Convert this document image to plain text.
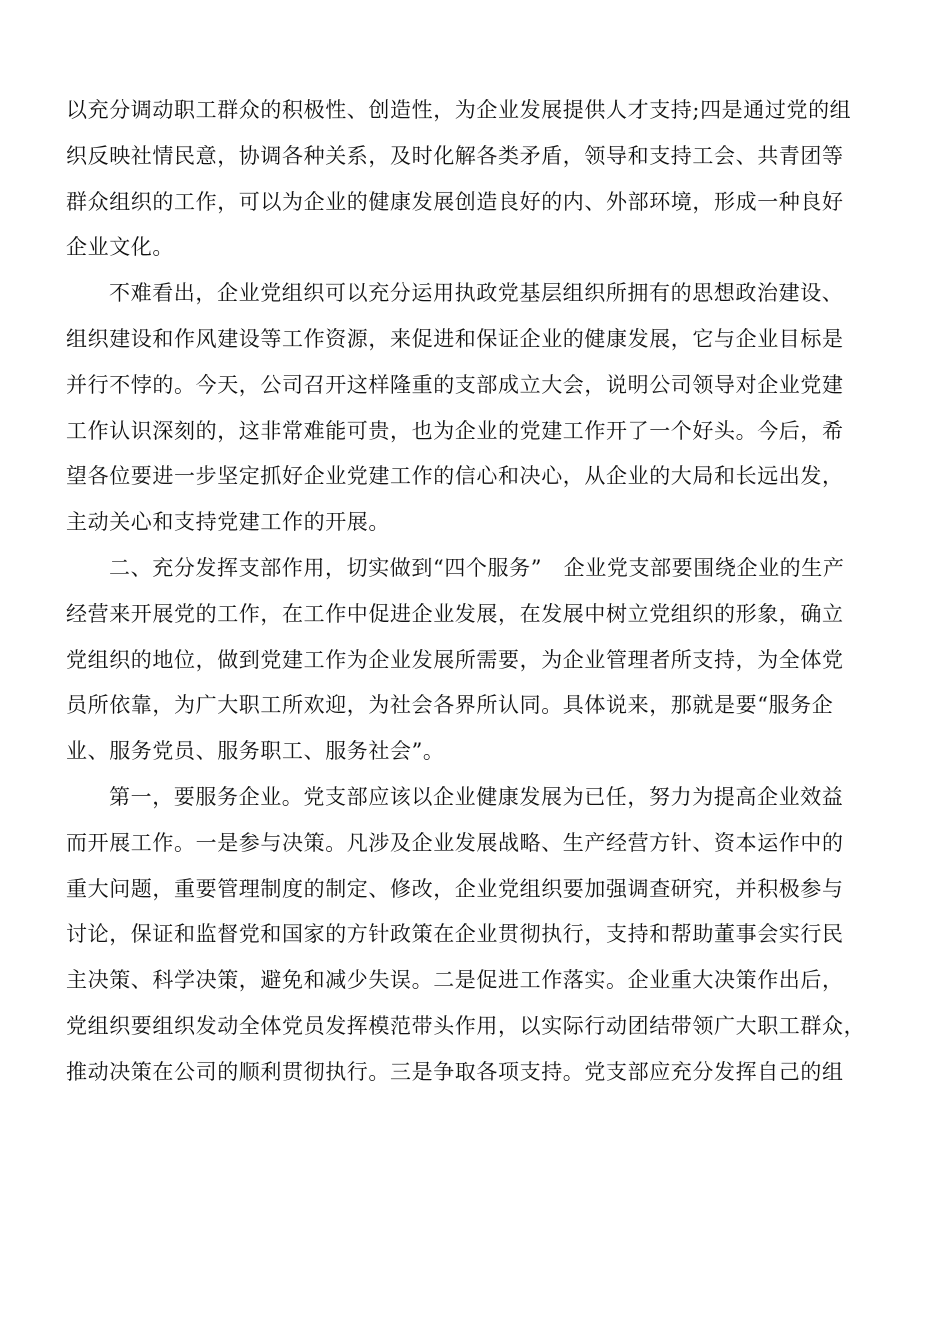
以充分调动职工群众的积极性、创造性，为企业发展提供人才支持;四是通过党的组
织反映社情民意，协调各种关系，及时化解各类矛盾，领导和支持工会、共青团等
群众组织的工作，可以为企业的健康发展创造良好的内、外部环境，形成一种良好
企业文化。
不难看出，企业党组织可以充分运用执政党基层组织所拥有的思想政治建设、
组织建设和作风建设等工作资源，来促进和保证企业的健康发展，它与企业目标是
并行不悖的。今天，公司召开这样隆重的支部成立大会，说明公司领导对企业党建
工作认识深刻的，这非常难能可贵，也为企业的党建工作开了一个好头。今后，希
望各位要进一步坚定抓好企业党建工作的信心和决心，从企业的大局和长远出发，
主动关心和支持党建工作的开展。
二、充分发挥支部作用，切实做到“四个服务”　企业党支部要围绕企业的生产
经营来开展党的工作，在工作中促进企业发展，在发展中树立党组织的形象，确立
党组织的地位，做到党建工作为企业发展所需要，为企业管理者所支持，为全体党
员所依靠，为广大职工所欢迎，为社会各界所认同。具体说来，那就是要“服务企
业、服务党员、服务职工、服务社会”。
第一，要服务企业。党支部应该以企业健康发展为已任，努力为提高企业效益
而开展工作。一是参与决策。凡涉及企业发展战略、生产经营方针、资本运作中的
重大问题，重要管理制度的制定、修改，企业党组织要加强调查研究，并积极参与
讨论，保证和监督党和国家的方针政策在企业贯彻执行，支持和帮助董事会实行民
主决策、科学决策，避免和减少失误。二是促进工作落实。企业重大决策作出后，
党组织要组织发动全体党员发挥模范带头作用，以实际行动团结带领广大职工群众，
推动决策在公司的顺利贯彻执行。三是争取各项支持。党支部应充分发挥自己的组
